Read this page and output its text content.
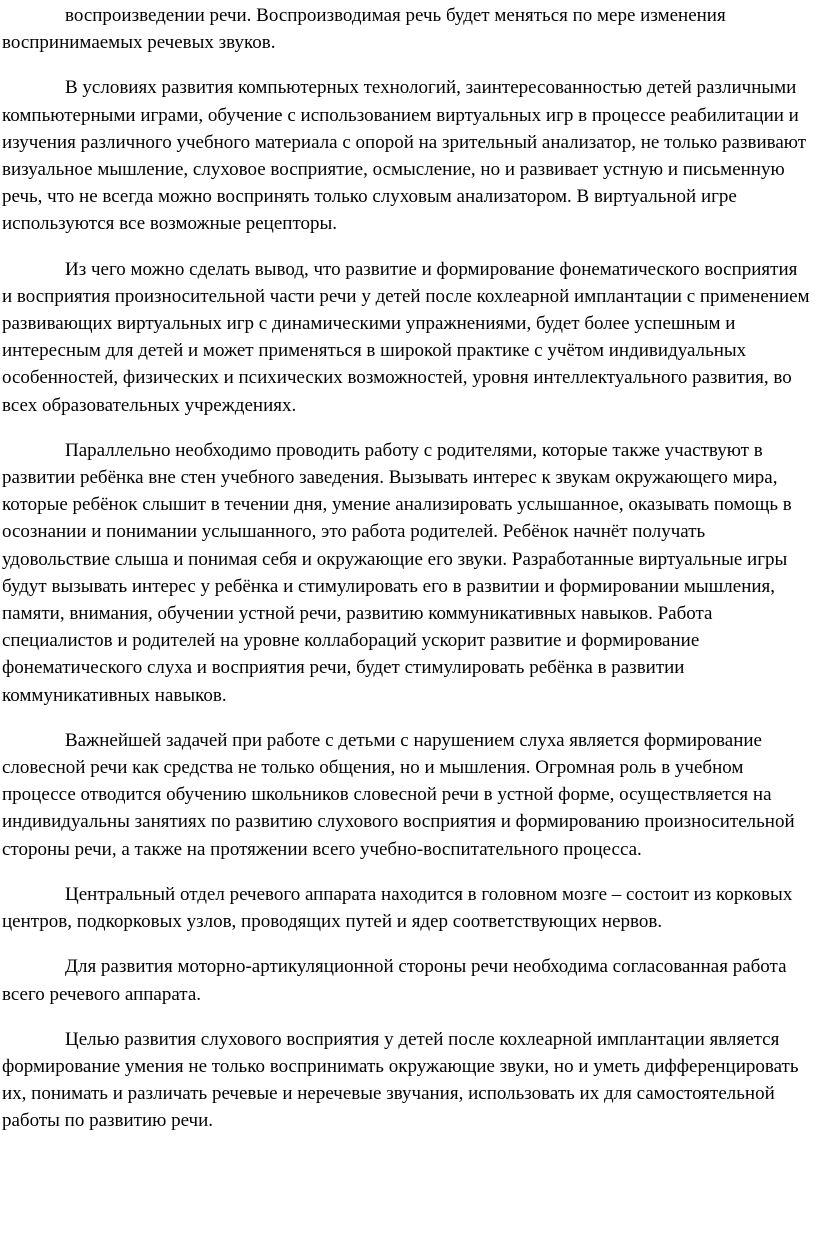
воспроизведении речи. Воспроизводимая речь будет меняться по мере изменения воспринимаемых речевых звуков.

В условиях развития компьютерных технологий, заинтересованностью детей различными компьютерными играми, обучение с использованием виртуальных игр в процессе реабилитации и изучения различного учебного материала с опорой на зрительный анализатор, не только развивают визуальное мышление, слуховое восприятие, осмысление, но и развивает устную и письменную речь, что не всегда можно воспринять только слуховым анализатором. В виртуальной игре используются все возможные рецепторы.

Из чего можно сделать вывод, что развитие и формирование фонематического восприятия и восприятия произносительной части речи у детей после кохлеарной имплантации с применением развивающих виртуальных игр с динамическими упражнениями, будет более успешным и интересным для детей и может применяться в широкой практике с учётом индивидуальных особенностей, физических и психических возможностей, уровня интеллектуального развития, во всех образовательных учреждениях.

Параллельно необходимо проводить работу с родителями, которые также участвуют в развитии ребёнка вне стен учебного заведения. Вызывать интерес к звукам окружающего мира, которые ребёнок слышит в течении дня, умение анализировать услышанное, оказывать помощь в осознании и понимании услышанного, это работа родителей. Ребёнок начнёт получать удовольствие слыша и понимая себя и окружающие его звуки. Разработанные виртуальные игры будут вызывать интерес у ребёнка и стимулировать его в развитии и формировании мышления, памяти, внимания, обучении устной речи, развитию коммуникативных навыков. Работа специалистов и родителей на уровне коллабораций ускорит развитие и формирование фонематического слуха и восприятия речи, будет стимулировать ребёнка в развитии коммуникативных навыков.

Важнейшей задачей при работе с детьми с нарушением слуха является формирование словесной речи как средства не только общения, но и мышления. Огромная роль в учебном процессе отводится обучению школьников словесной речи в устной форме, осуществляется на индивидуальны занятиях по развитию слухового восприятия и формированию произносительной стороны речи, а также на протяжении всего учебно-воспитательного процесса.

Центральный отдел речевого аппарата находится в головном мозге – состоит из корковых центров, подкорковых узлов, проводящих путей и ядер соответствующих нервов.

Для развития моторно-артикуляционной стороны речи необходима согласованная работа всего речевого аппарата.

Целью развития слухового восприятия у детей после кохлеарной имплантации является формирование умения не только воспринимать окружающие звуки, но и уметь дифференцировать их, понимать и различать речевые и неречевые звучания, использовать их для самостоятельной работы по развитию речи.
